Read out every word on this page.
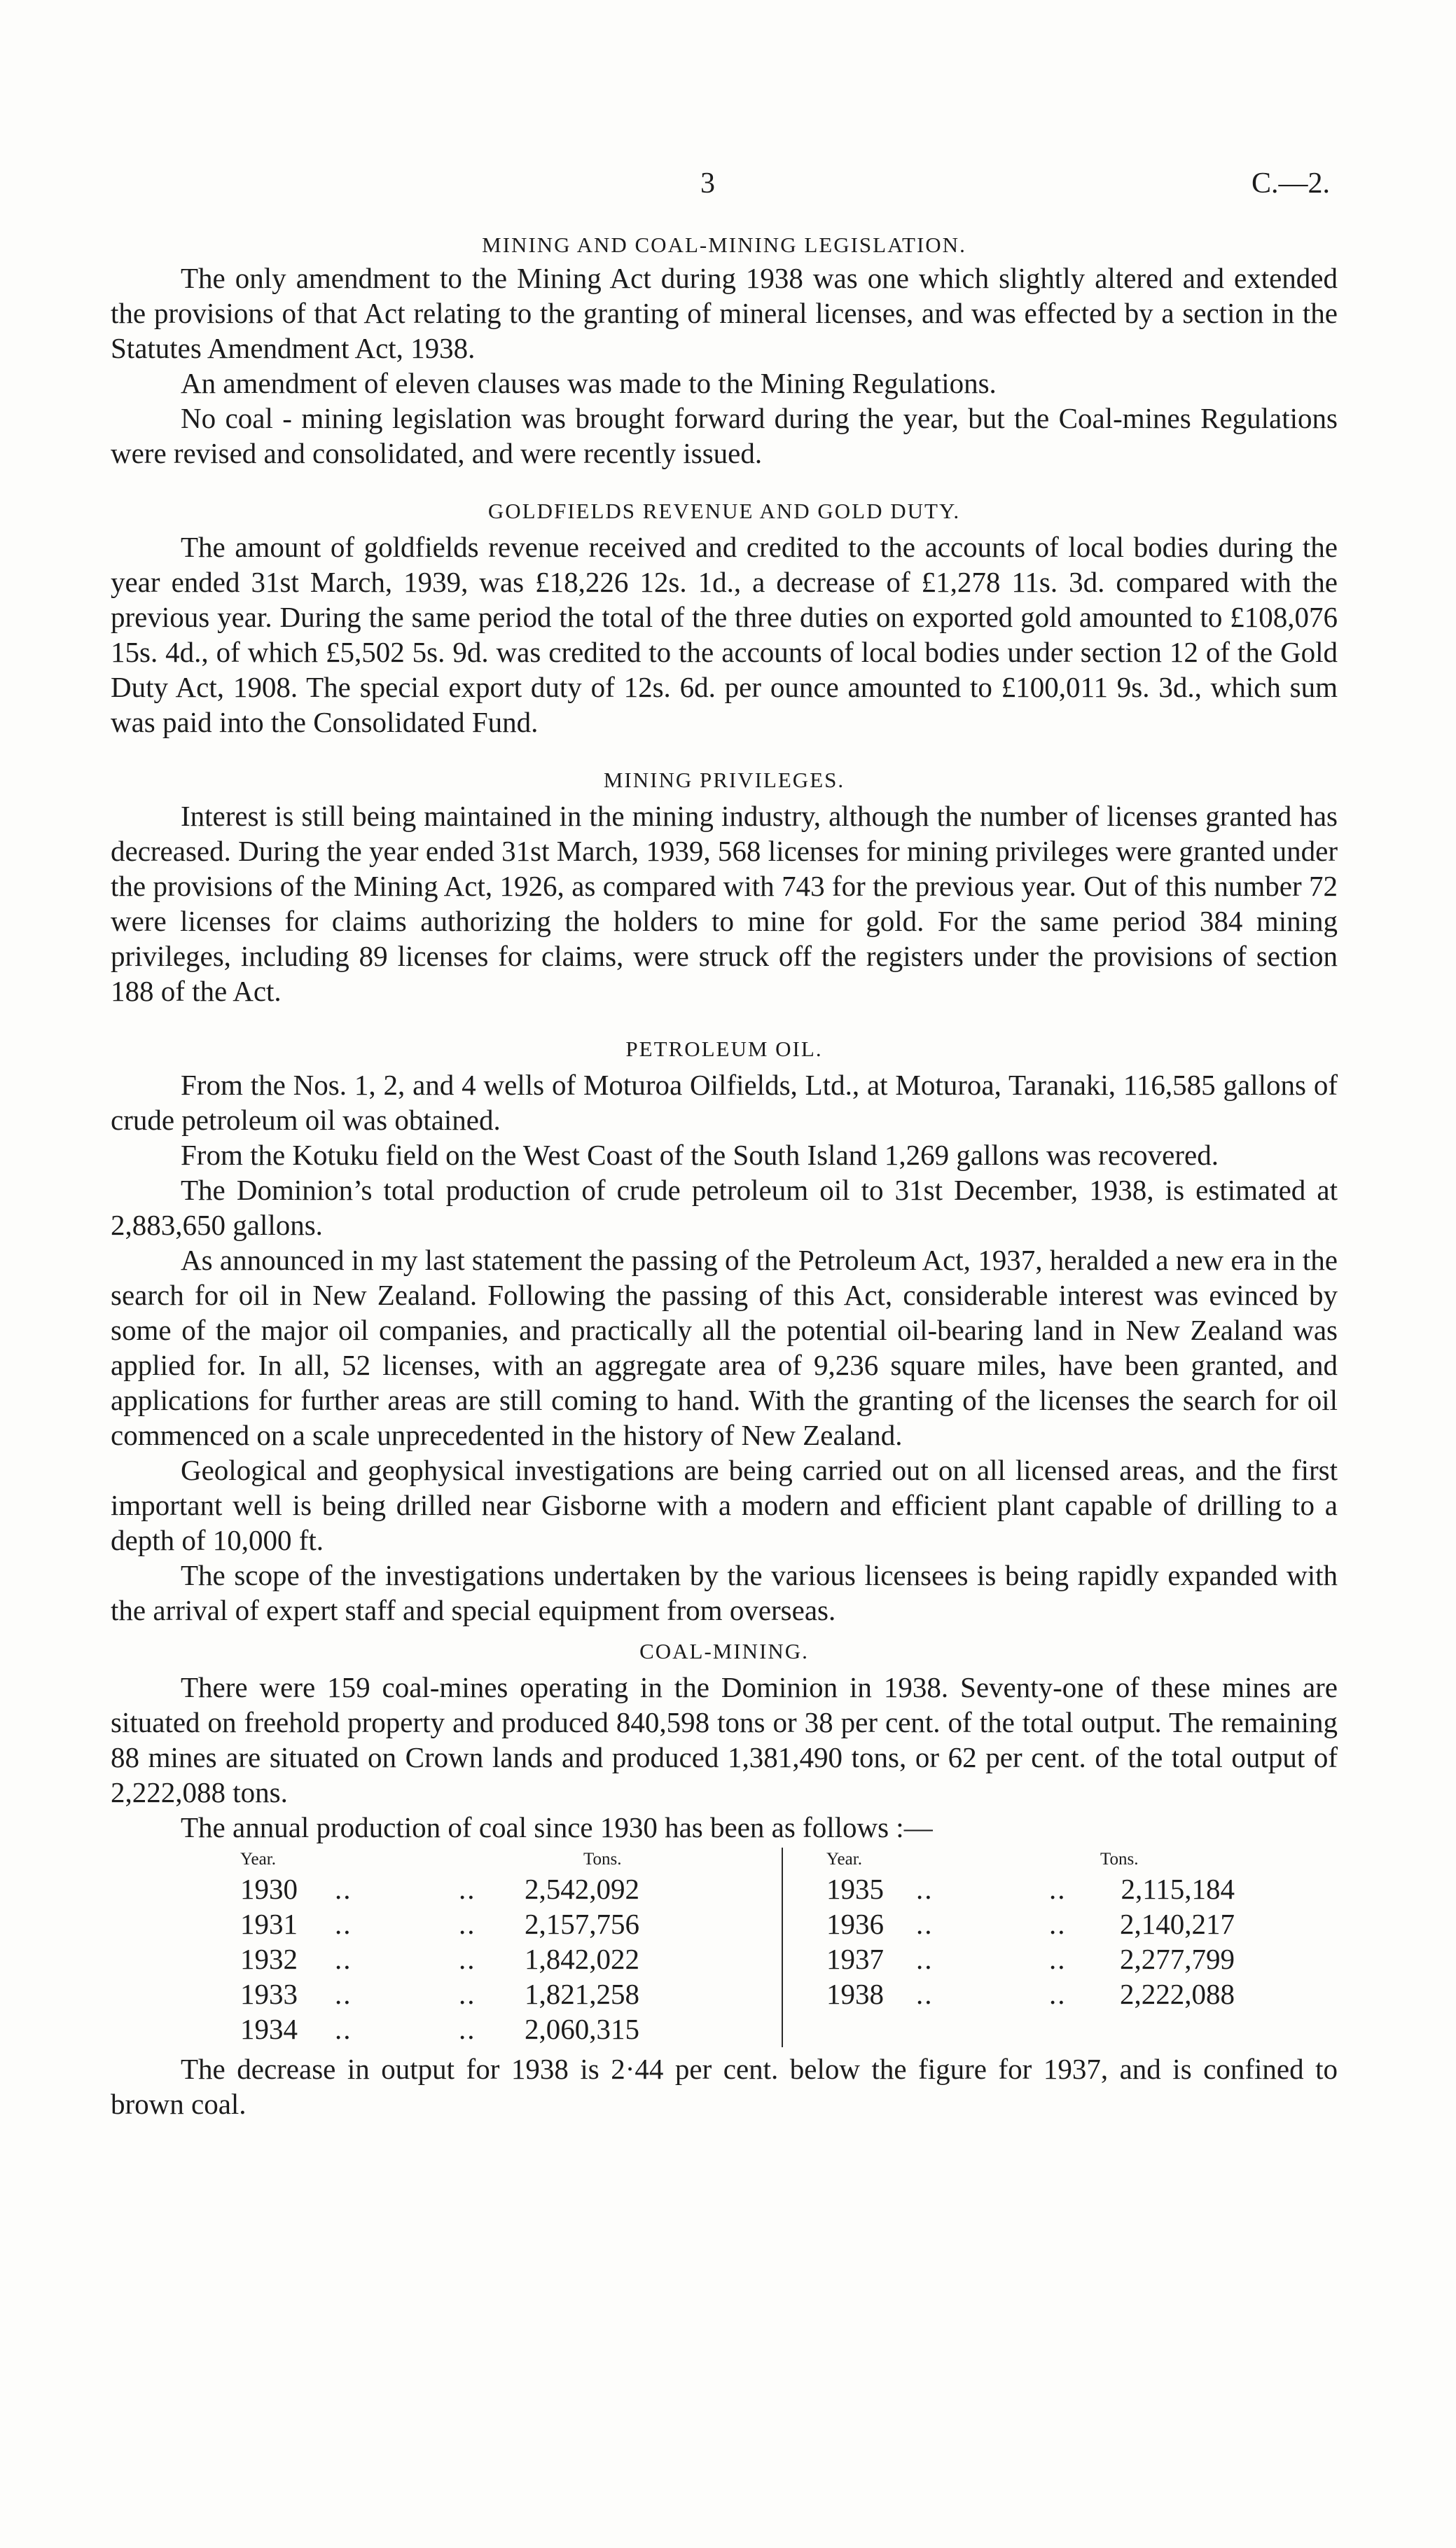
3	C.—2.
MINING AND COAL-MINING LEGISLATION.

The only amendment to the Mining Act during 1938 was one which slightly altered and extended the provisions of that Act relating to the granting of mineral licenses, and was effected by a section in the Statutes Amendment Act, 1938.

An amendment of eleven clauses was made to the Mining Regulations.

No coal - mining legislation was brought forward during the year, but the Coal-mines Regulations were revised and consolidated, and were recently issued.

GOLDFIELDS REVENUE AND GOLD DUTY.

The amount of goldfields revenue received and credited to the accounts of local bodies during the year ended 31st March, 1939, was £18,226 12s. 1d., a decrease of £1,278 11s. 3d. compared with the previous year. During the same period the total of the three duties on exported gold amounted to £108,076 15s. 4d., of which £5,502 5s. 9d. was credited to the accounts of local bodies under section 12 of the Gold Duty Act, 1908. The special export duty of 12s. 6d. per ounce amounted to £100,011 9s. 3d., which sum was paid into the Consolidated Fund.

MINING PRIVILEGES.

Interest is still being maintained in the mining industry, although the number of licenses granted has decreased. During the year ended 31st March, 1939, 568 licenses for mining privileges were granted under the provisions of the Mining Act, 1926, as compared with 743 for the previous year. Out of this number 72 were licenses for claims authorizing the holders to mine for gold. For the same period 384 mining privileges, including 89 licenses for claims, were struck off the registers under the provisions of section 188 of the Act.

PETROLEUM OIL.

From the Nos. 1, 2, and 4 wells of Moturoa Oilfields, Ltd., at Moturoa, Taranaki, 116,585 gallons of crude petroleum oil was obtained.

From the Kotuku field on the West Coast of the South Island 1,269 gallons was recovered.

The Dominion’s total production of crude petroleum oil to 31st December, 1938, is estimated at 2,883,650 gallons.

As announced in my last statement the passing of the Petroleum Act, 1937, heralded a new era in the search for oil in New Zealand. Following the passing of this Act, considerable interest was evinced by some of the major oil companies, and practically all the potential oil-bearing land in New Zealand was applied for. In all, 52 licenses, with an aggregate area of 9,236 square miles, have been granted, and applications for further areas are still coming to hand. With the granting of the licenses the search for oil commenced on a scale unprecedented in the history of New Zealand.

Geological and geophysical investigations are being carried out on all licensed areas, and the first important well is being drilled near Gisborne with a modern and efficient plant capable of drilling to a depth of 10,000 ft.

The scope of the investigations undertaken by the various licensees is being rapidly expanded with the arrival of expert staff and special equipment from overseas.

COAL-MINING.

There were 159 coal-mines operating in the Dominion in 1938. Seventy-one of these mines are situated on freehold property and produced 840,598 tons or 38 per cent. of the total output. The remaining 88 mines are situated on Crown lands and produced 1,381,490 tons, or 62 per cent. of the total output of 2,222,088 tons.

The annual production of coal since 1930 has been as follows :—

Year.	Tons.
1930 ..	..	2,542,092
1931 ..	..	2,157,756
1932 ..	..	1,842,022
1933 ..	..	1,821,258
1934 ..	..	2,060,315
Year.	Tons.
1935 ..	..	2,115,184
1936 ..	..	2,140,217
1937 ..	..	2,277,799
1938 ..	..	2,222,088

The decrease in output for 1938 is 2·44 per cent. below the figure for 1937, and is confined to brown coal.
